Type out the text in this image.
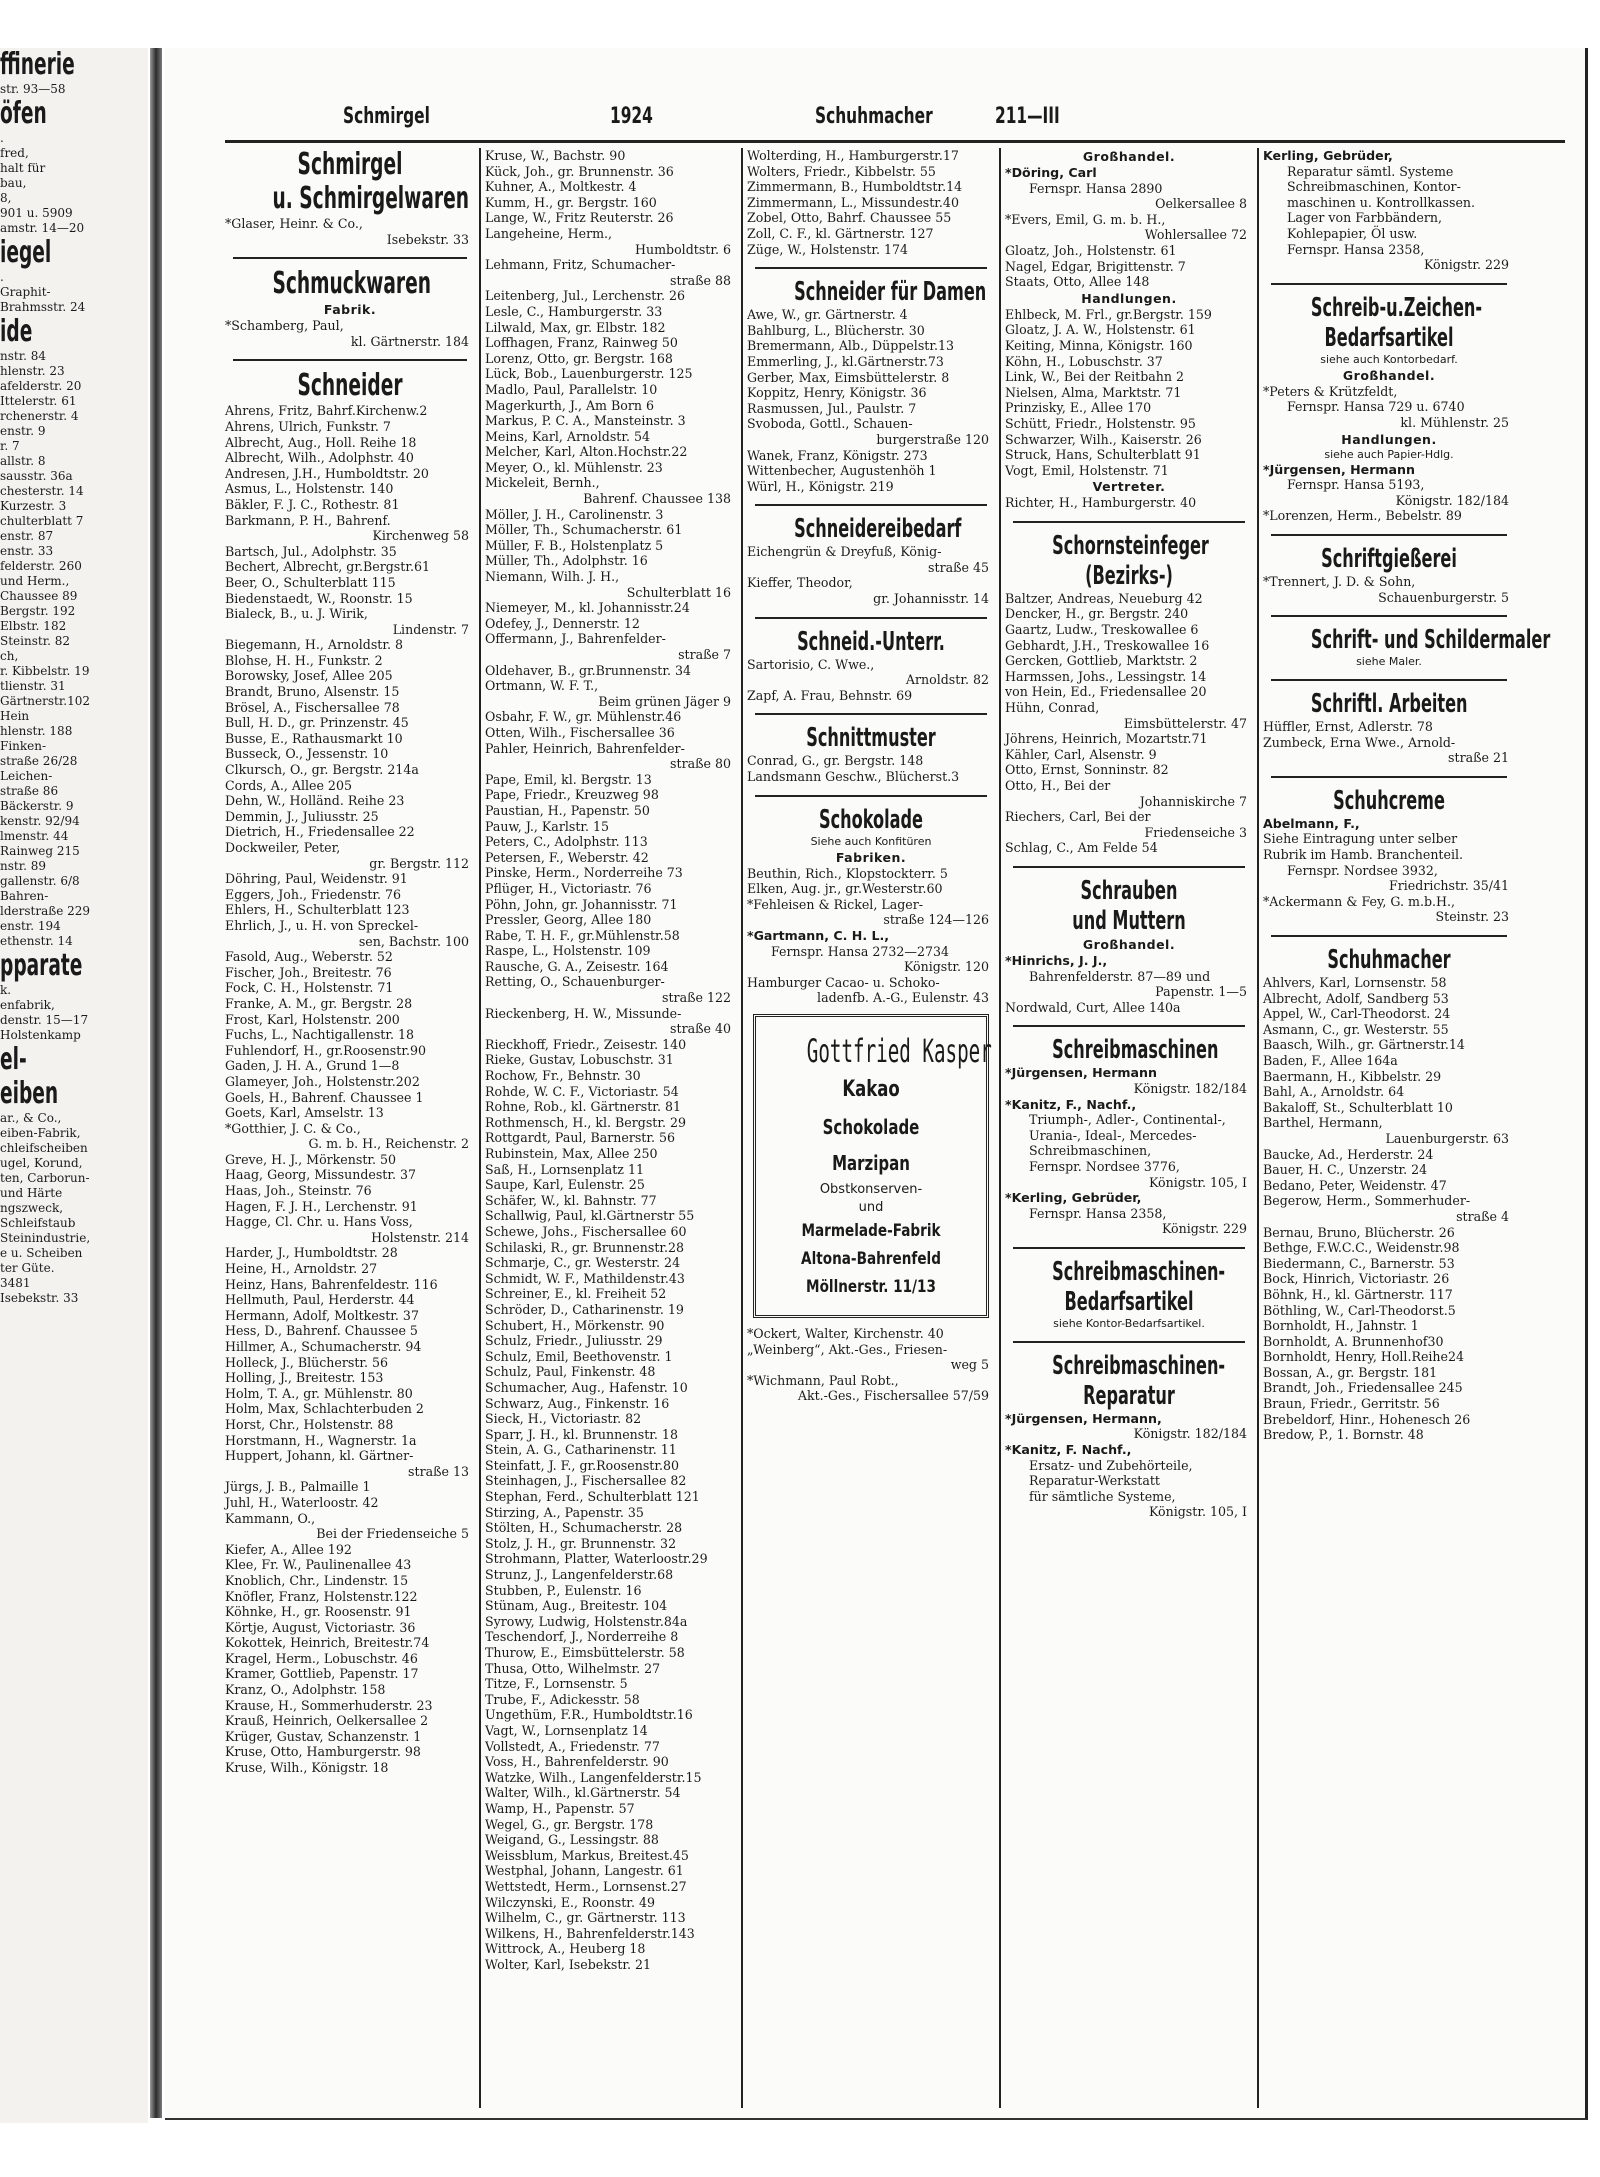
ffinerie
str. 93—58
öfen
.
fred,
halt für
bau,
8,
901 u. 5909
amstr. 14—20
iegel
.
Graphit-
Brahmsstr. 24
ide
nstr. 84
hlenstr. 23
afelderstr. 20
Ittelerstr. 61
rchenerstr. 4
enstr. 9
r. 7
allstr. 8
sausstr. 36a
chesterstr. 14
Kurzestr. 3
chulterblatt 7
enstr. 87
enstr. 33
felderstr. 260
und Herm.,
Chaussee 89
Bergstr. 192
Elbstr. 182
Steinstr. 82
ch,
r. Kibbelstr. 19
tlienstr. 31
Gärtnerstr.102
Hein
hlenstr. 188
Finken-
straße 26/28
Leichen-
straße 86
Bäckerstr. 9
kenstr. 92/94
lmenstr. 44
Rainweg 215
nstr. 89
gallenstr. 6/8
Bahren-
lderstraße 229
enstr. 194
ethenstr. 14
pparate
k.
enfabrik,
denstr. 15—17
Holstenkamp
el-
eiben
ar., & Co.,
eiben-Fabrik,
chleifscheiben
ugel, Korund,
ten, Carborun-
und Härte
ngszweck,
Schleifstaub
Steinindustrie,
e u. Scheiben
ter Güte.
3481
Isebekstr. 33
Schmirgel	1924	Schuhmacher	211—III
Schmirgel
u. Schmirgelwaren
*Glaser, Heinr. & Co.,
Isebekstr. 33
Schmuckwaren
Fabrik.
*Schamberg, Paul,
kl. Gärtnerstr. 184
Schneider
Ahrens, Fritz, Bahrf.Kirchenw.2
Ahrens, Ulrich, Funkstr. 7
Albrecht, Aug., Holl. Reihe 18
Albrecht, Wilh., Adolphstr. 40
Andresen, J.H., Humboldtstr. 20
Asmus, L., Holstenstr. 140
Bäkler, F. J. C., Rothestr. 81
Barkmann, P. H., Bahrenf.
Kirchenweg 58
Bartsch, Jul., Adolphstr. 35
Bechert, Albrecht, gr.Bergstr.61
Beer, O., Schulterblatt 115
Biedenstaedt, W., Roonstr. 15
Bialeck, B., u. J. Wirik,
Lindenstr. 7
Biegemann, H., Arnoldstr. 8
Blohse, H. H., Funkstr. 2
Borowsky, Josef, Allee 205
Brandt, Bruno, Alsenstr. 15
Brösel, A., Fischersallee 78
Bull, H. D., gr. Prinzenstr. 45
Busse, E., Rathausmarkt 10
Busseck, O., Jessenstr. 10
Clkursch, O., gr. Bergstr. 214a
Cords, A., Allee 205
Dehn, W., Holländ. Reihe 23
Demmin, J., Juliusstr. 25
Dietrich, H., Friedensallee 22
Dockweiler, Peter,
gr. Bergstr. 112
Döhring, Paul, Weidenstr. 91
Eggers, Joh., Friedenstr. 76
Ehlers, H., Schulterblatt 123
Ehrlich, J., u. H. von Spreckel-
sen, Bachstr. 100
Fasold, Aug., Weberstr. 52
Fischer, Joh., Breitestr. 76
Fock, C. H., Holstenstr. 71
Franke, A. M., gr. Bergstr. 28
Frost, Karl, Holstenstr. 200
Fuchs, L., Nachtigallenstr. 18
Fuhlendorf, H., gr.Roosenstr.90
Gaden, J. H. A., Grund 1—8
Glameyer, Joh., Holstenstr.202
Goels, H., Bahrenf. Chaussee 1
Goets, Karl, Amselstr. 13
*Gotthier, J. C. & Co.,
G. m. b. H., Reichenstr. 2
Greve, H. J., Mörkenstr. 50
Haag, Georg, Missundestr. 37
Haas, Joh., Steinstr. 76
Hagen, F. J. H., Lerchenstr. 91
Hagge, Cl. Chr. u. Hans Voss,
Holstenstr. 214
Harder, J., Humboldtstr. 28
Heine, H., Arnoldstr. 27
Heinz, Hans, Bahrenfeldestr. 116
Hellmuth, Paul, Herderstr. 44
Hermann, Adolf, Moltkestr. 37
Hess, D., Bahrenf. Chaussee 5
Hillmer, A., Schumacherstr. 94
Holleck, J., Blücherstr. 56
Holling, J., Breitestr. 153
Holm, T. A., gr. Mühlenstr. 80
Holm, Max, Schlachterbuden 2
Horst, Chr., Holstenstr. 88
Horstmann, H., Wagnerstr. 1a
Huppert, Johann, kl. Gärtner-
straße 13
Jürgs, J. B., Palmaille 1
Juhl, H., Waterloostr. 42
Kammann, O.,
Bei der Friedenseiche 5
Kiefer, A., Allee 192
Klee, Fr. W., Paulinenallee 43
Knoblich, Chr., Lindenstr. 15
Knöfler, Franz, Holstenstr.122
Köhnke, H., gr. Roosenstr. 91
Körtje, August, Victoriastr. 36
Kokottek, Heinrich, Breitestr.74
Kragel, Herm., Lobuschstr. 46
Kramer, Gottlieb, Papenstr. 17
Kranz, O., Adolphstr. 158
Krause, H., Sommerhuderstr. 23
Krauß, Heinrich, Oelkersallee 2
Krüger, Gustav, Schanzenstr. 1
Kruse, Otto, Hamburgerstr. 98
Kruse, Wilh., Königstr. 18
Kruse, W., Bachstr. 90
Kück, Joh., gr. Brunnenstr. 36
Kuhner, A., Moltkestr. 4
Kumm, H., gr. Bergstr. 160
Lange, W., Fritz Reuterstr. 26
Langeheine, Herm.,
Humboldtstr. 6
Lehmann, Fritz, Schumacher-
straße 88
Leitenberg, Jul., Lerchenstr. 26
Lesle, C., Hamburgerstr. 33
Lilwald, Max, gr. Elbstr. 182
Loffhagen, Franz, Rainweg 50
Lorenz, Otto, gr. Bergstr. 168
Lück, Bob., Lauenburgerstr. 125
Madlo, Paul, Parallelstr. 10
Magerkurth, J., Am Born 6
Markus, P. C. A., Mansteinstr. 3
Meins, Karl, Arnoldstr. 54
Melcher, Karl, Alton.Hochstr.22
Meyer, O., kl. Mühlenstr. 23
Mickeleit, Bernh.,
Bahrenf. Chaussee 138
Möller, J. H., Carolinenstr. 3
Möller, Th., Schumacherstr. 61
Müller, F. B., Holstenplatz 5
Müller, Th., Adolphstr. 16
Niemann, Wilh. J. H.,
Schulterblatt 16
Niemeyer, M., kl. Johannisstr.24
Odefey, J., Dennerstr. 12
Offermann, J., Bahrenfelder-
straße 7
Oldehaver, B., gr.Brunnenstr. 34
Ortmann, W. F. T.,
Beim grünen Jäger 9
Osbahr, F. W., gr. Mühlenstr.46
Otten, Wilh., Fischersallee 36
Pahler, Heinrich, Bahrenfelder-
straße 80
Pape, Emil, kl. Bergstr. 13
Pape, Friedr., Kreuzweg 98
Paustian, H., Papenstr. 50
Pauw, J., Karlstr. 15
Peters, C., Adolphstr. 113
Petersen, F., Weberstr. 42
Pinske, Herm., Norderreihe 73
Pflüger, H., Victoriastr. 76
Pöhn, John, gr. Johannisstr. 71
Pressler, Georg, Allee 180
Rabe, T. H. F., gr.Mühlenstr.58
Raspe, L., Holstenstr. 109
Rausche, G. A., Zeisestr. 164
Retting, O., Schauenburger-
straße 122
Rieckenberg, H. W., Missunde-
straße 40
Rieckhoff, Friedr., Zeisestr. 140
Rieke, Gustav, Lobuschstr. 31
Rochow, Fr., Behnstr. 30
Rohde, W. C. F., Victoriastr. 54
Rohne, Rob., kl. Gärtnerstr. 81
Rothmensch, H., kl. Bergstr. 29
Rottgardt, Paul, Barnerstr. 56
Rubinstein, Max, Allee 250
Saß, H., Lornsenplatz 11
Saupe, Karl, Eulenstr. 25
Schäfer, W., kl. Bahnstr. 77
Schallwig, Paul, kl.Gärtnerstr 55
Schewe, Johs., Fischersallee 60
Schilaski, R., gr. Brunnenstr.28
Schmarje, C., gr. Westerstr. 24
Schmidt, W. F., Mathildenstr.43
Schreiner, E., kl. Freiheit 52
Schröder, D., Catharinenstr. 19
Schubert, H., Mörkenstr. 90
Schulz, Friedr., Juliusstr. 29
Schulz, Emil, Beethovenstr. 1
Schulz, Paul, Finkenstr. 48
Schumacher, Aug., Hafenstr. 10
Schwarz, Aug., Finkenstr. 16
Sieck, H., Victoriastr. 82
Sparr, J. H., kl. Brunnenstr. 18
Stein, A. G., Catharinenstr. 11
Steinfatt, J. F., gr.Roosenstr.80
Steinhagen, J., Fischersallee 82
Stephan, Ferd., Schulterblatt 121
Stirzing, A., Papenstr. 35
Stölten, H., Schumacherstr. 28
Stolz, J. H., gr. Brunnenstr. 32
Strohmann, Platter, Waterloostr.29
Strunz, J., Langenfelderstr.68
Stubben, P., Eulenstr. 16
Stünam, Aug., Breitestr. 104
Syrowy, Ludwig, Holstenstr.84a
Teschendorf, J., Norderreihe 8
Thurow, E., Eimsbüttelerstr. 58
Thusa, Otto, Wilhelmstr. 27
Titze, F., Lornsenstr. 5
Trube, F., Adickesstr. 58
Ungethüm, F.R., Humboldtstr.16
Vagt, W., Lornsenplatz 14
Vollstedt, A., Friedenstr. 77
Voss, H., Bahrenfelderstr. 90
Watzke, Wilh., Langenfelderstr.15
Walter, Wilh., kl.Gärtnerstr. 54
Wamp, H., Papenstr. 57
Wegel, G., gr. Bergstr. 178
Weigand, G., Lessingstr. 88
Weissblum, Markus, Breitest.45
Westphal, Johann, Langestr. 61
Wettstedt, Herm., Lornsenst.27
Wilczynski, E., Roonstr. 49
Wilhelm, C., gr. Gärtnerstr. 113
Wilkens, H., Bahrenfelderstr.143
Wittrock, A., Heuberg 18
Wolter, Karl, Isebekstr. 21
Wolterding, H., Hamburgerstr.17
Wolters, Friedr., Kibbelstr. 55
Zimmermann, B., Humboldtstr.14
Zimmermann, L., Missundestr.40
Zobel, Otto, Bahrf. Chaussee 55
Zoll, C. F., kl. Gärtnerstr. 127
Züge, W., Holstenstr. 174
Schneider für Damen
Awe, W., gr. Gärtnerstr. 4
Bahlburg, L., Blücherstr. 30
Bremermann, Alb., Düppelstr.13
Emmerling, J., kl.Gärtnerstr.73
Gerber, Max, Eimsbüttelerstr. 8
Koppitz, Henry, Königstr. 36
Rasmussen, Jul., Paulstr. 7
Svoboda, Gottl., Schauen-
burgerstraße 120
Wanek, Franz, Königstr. 273
Wittenbecher, Augustenhöh 1
Würl, H., Königstr. 219
Schneidereibedarf
Eichengrün & Dreyfuß, König-
straße 45
Kieffer, Theodor,
gr. Johannisstr. 14
Schneid.-Unterr.
Sartorisio, C. Wwe.,
Arnoldstr. 82
Zapf, A. Frau, Behnstr. 69
Schnittmuster
Conrad, G., gr. Bergstr. 148
Landsmann Geschw., Blücherst.3
Schokolade
Siehe auch Konfitüren
Fabriken.
Beuthin, Rich., Klopstockterr. 5
Elken, Aug. jr., gr.Westerstr.60
*Fehleisen & Rickel, Lager-
straße 124—126
*Gartmann, C. H. L.,
Fernspr. Hansa 2732—2734
Königstr. 120
Hamburger Cacao- u. Schoko-
ladenfb. A.-G., Eulenstr. 43
Gottfried Kasper
Kakao
Schokolade
Marzipan
Obstkonserven-
und
Marmelade-Fabrik
Altona-Bahrenfeld
Möllnerstr. 11/13
*Ockert, Walter, Kirchenstr. 40
„Weinberg“, Akt.-Ges., Friesen-
weg 5
*Wichmann, Paul Robt.,
Akt.-Ges., Fischersallee 57/59
Großhandel.
*Döring, Carl
Fernspr. Hansa 2890
Oelkersallee 8
*Evers, Emil, G. m. b. H.,
Wohlersallee 72
Gloatz, Joh., Holstenstr. 61
Nagel, Edgar, Brigittenstr. 7
Staats, Otto, Allee 148
Handlungen.
Ehlbeck, M. Frl., gr.Bergstr. 159
Gloatz, J. A. W., Holstenstr. 61
Keiting, Minna, Königstr. 160
Köhn, H., Lobuschstr. 37
Link, W., Bei der Reitbahn 2
Nielsen, Alma, Marktstr. 71
Prinzisky, E., Allee 170
Schütt, Friedr., Holstenstr. 95
Schwarzer, Wilh., Kaiserstr. 26
Struck, Hans, Schulterblatt 91
Vogt, Emil, Holstenstr. 71
Vertreter.
Richter, H., Hamburgerstr. 40
Schornsteinfeger
(Bezirks-)
Baltzer, Andreas, Neueburg 42
Dencker, H., gr. Bergstr. 240
Gaartz, Ludw., Treskowallee 6
Gebhardt, J.H., Treskowallee 16
Gercken, Gottlieb, Marktstr. 2
Harmssen, Johs., Lessingstr. 14
von Hein, Ed., Friedensallee 20
Hühn, Conrad,
Eimsbüttelerstr. 47
Jöhrens, Heinrich, Mozartstr.71
Kähler, Carl, Alsenstr. 9
Otto, Ernst, Sonninstr. 82
Otto, H., Bei der
Johanniskirche 7
Riechers, Carl, Bei der
Friedenseiche 3
Schlag, C., Am Felde 54
Schrauben
und Muttern
Großhandel.
*Hinrichs, J. J.,
Bahrenfelderstr. 87—89 und
Papenstr. 1—5
Nordwald, Curt, Allee 140a
Schreibmaschinen
*Jürgensen, Hermann
Königstr. 182/184
*Kanitz, F., Nachf.,
Triumph-, Adler-, Continental-,
Urania-, Ideal-, Mercedes-
Schreibmaschinen,
Fernspr. Nordsee 3776,
Königstr. 105, I
*Kerling, Gebrüder,
Fernspr. Hansa 2358,
Königstr. 229
Schreibmaschinen-
Bedarfsartikel
siehe Kontor-Bedarfsartikel.
Schreibmaschinen-
Reparatur
*Jürgensen, Hermann,
Königstr. 182/184
*Kanitz, F. Nachf.,
Ersatz- und Zubehörteile,
Reparatur-Werkstatt
für sämtliche Systeme,
Königstr. 105, I
Kerling, Gebrüder,
Reparatur sämtl. Systeme
Schreibmaschinen, Kontor-
maschinen u. Kontrollkassen.
Lager von Farbbändern,
Kohlepapier, Öl usw.
Fernspr. Hansa 2358,
Königstr. 229
Schreib-u.Zeichen-
Bedarfsartikel
siehe auch Kontorbedarf.
Großhandel.
*Peters & Krützfeldt,
Fernspr. Hansa 729 u. 6740
kl. Mühlenstr. 25
Handlungen.
siehe auch Papier-Hdlg.
*Jürgensen, Hermann
Fernspr. Hansa 5193,
Königstr. 182/184
*Lorenzen, Herm., Bebelstr. 89
Schriftgießerei
*Trennert, J. D. & Sohn,
Schauenburgerstr. 5
Schrift- und Schildermaler
siehe Maler.
Schriftl. Arbeiten
Hüffler, Ernst, Adlerstr. 78
Zumbeck, Erna Wwe., Arnold-
straße 21
Schuhcreme
Abelmann, F.,
Siehe Eintragung unter selber
Rubrik im Hamb. Branchenteil.
Fernspr. Nordsee 3932,
Friedrichstr. 35/41
*Ackermann & Fey, G. m.b.H.,
Steinstr. 23
Schuhmacher
Ahlvers, Karl, Lornsenstr. 58
Albrecht, Adolf, Sandberg 53
Appel, W., Carl-Theodorst. 24
Asmann, C., gr. Westerstr. 55
Baasch, Wilh., gr. Gärtnerstr.14
Baden, F., Allee 164a
Baermann, H., Kibbelstr. 29
Bahl, A., Arnoldstr. 64
Bakaloff, St., Schulterblatt 10
Barthel, Hermann,
Lauenburgerstr. 63
Baucke, Ad., Herderstr. 24
Bauer, H. C., Unzerstr. 24
Bedano, Peter, Weidenstr. 47
Begerow, Herm., Sommerhuder-
straße 4
Bernau, Bruno, Blücherstr. 26
Bethge, F.W.C.C., Weidenstr.98
Biedermann, C., Barnerstr. 53
Bock, Hinrich, Victoriastr. 26
Böhnk, H., kl. Gärtnerstr. 117
Böthling, W., Carl-Theodorst.5
Bornholdt, H., Jahnstr. 1
Bornholdt, A. Brunnenhof30
Bornholdt, Henry, Holl.Reihe24
Bossan, A., gr. Bergstr. 181
Brandt, Joh., Friedensallee 245
Braun, Friedr., Gerritstr. 56
Brebeldorf, Hinr., Hohenesch 26
Bredow, P., 1. Bornstr. 48
